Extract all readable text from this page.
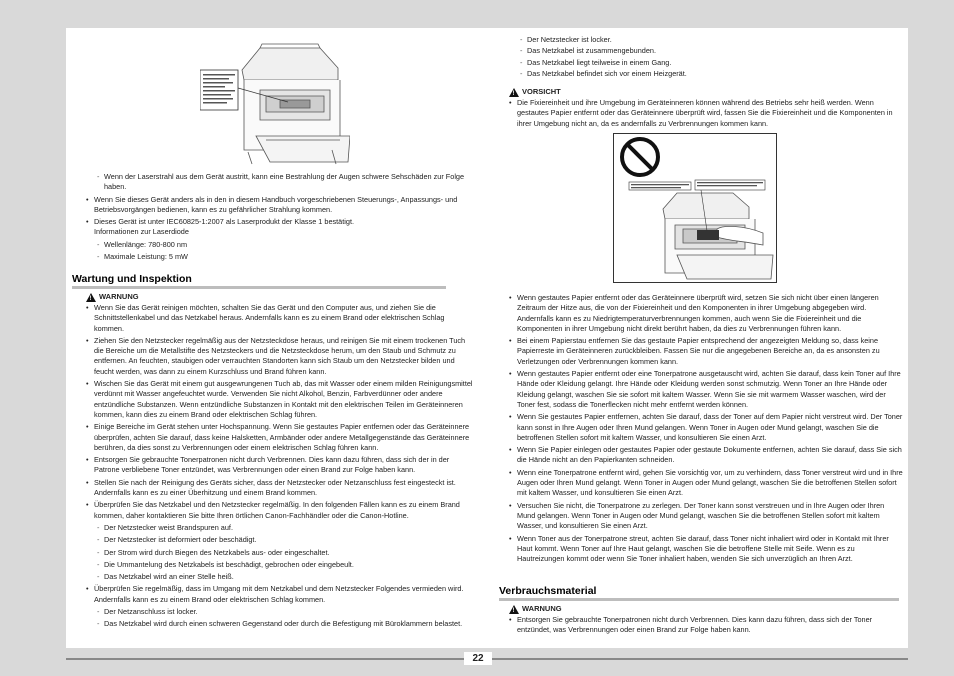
- Wenn der Laserstrahl aus dem Gerät austritt, kann eine Bestrahlung der Augen schwere Sehschäden zur Folge haben.
• Wenn Sie dieses Gerät anders als in den in diesem Handbuch vorgeschriebenen Steuerungs-, Anpassungs- und Betriebsvorgängen bedienen, kann es zu gefährlicher Strahlung kommen.
• Dieses Gerät ist unter IEC60825-1:2007 als Laserprodukt der Klasse 1 bestätigt.
Informationen zur Laserdiode
- Wellenlänge: 780-800 nm
- Maximale Leistung: 5 mW
Wartung und Inspektion
!
WARNUNG
• Wenn Sie das Gerät reinigen möchten, schalten Sie das Gerät und den Computer aus, und ziehen Sie die Schnittstellenkabel und das Netzkabel heraus. Andernfalls kann es zu einem Brand oder elektrischen Schlag kommen.
• Ziehen Sie den Netzstecker regelmäßig aus der Netzsteckdose heraus, und reinigen Sie mit einem trockenen Tuch die Bereiche um die Metallstifte des Netzsteckers und die Netzsteckdose herum, um den Staub und Schmutz zu entfernen. An feuchten, staubigen oder verrauchten Standorten kann sich Staub um den Netzstecker bilden und feucht werden, was dann zu einem Kurzschluss und Brand führen kann.
• Wischen Sie das Gerät mit einem gut ausgewrungenen Tuch ab, das mit Wasser oder einem milden Reinigungsmittel verdünnt mit Wasser angefeuchtet wurde. Verwenden Sie nicht Alkohol, Benzin, Farbverdünner oder andere entzündliche Substanzen. Wenn entzündliche Substanzen in Kontakt mit den elektrischen Teilen im Geräteinneren kommen, kann dies zu einem Brand oder elektrischen Schlag führen.
• Einige Bereiche im Gerät stehen unter Hochspannung. Wenn Sie gestautes Papier entfernen oder das Geräteinnere überprüfen, achten Sie darauf, dass keine Halsketten, Armbänder oder andere Metallgegenstände das Geräteinnere berühren, da dies sonst zu Verbrennungen oder einem elektrischen Schlag führen kann.
• Entsorgen Sie gebrauchte Tonerpatronen nicht durch Verbrennen. Dies kann dazu führen, dass sich der in der Patrone verbliebene Toner entzündet, was Verbrennungen oder einen Brand zur Folge haben kann.
• Stellen Sie nach der Reinigung des Geräts sicher, dass der Netzstecker oder Netzanschluss fest eingesteckt ist. Andernfalls kann es zu einer Überhitzung und einem Brand kommen.
• Überprüfen Sie das Netzkabel und den Netzstecker regelmäßig. In den folgenden Fällen kann es zu einem Brand kommen, daher kontaktieren Sie bitte Ihren örtlichen Canon-Fachhändler oder die Canon-Hotline.
- Der Netzstecker weist Brandspuren auf.
- Der Netzstecker ist deformiert oder beschädigt.
- Der Strom wird durch Biegen des Netzkabels aus- oder eingeschaltet.
- Die Ummantelung des Netzkabels ist beschädigt, gebrochen oder eingebeult.
- Das Netzkabel wird an einer Stelle heiß.
• Überprüfen Sie regelmäßig, dass im Umgang mit dem Netzkabel und dem Netzstecker Folgendes vermieden wird. Andernfalls kann es zu einem Brand oder elektrischen Schlag kommen.
- Der Netzanschluss ist locker.
- Das Netzkabel wird durch einen schweren Gegenstand oder durch die Befestigung mit Büroklammern belastet.
- Der Netzstecker ist locker.
- Das Netzkabel ist zusammengebunden.
- Das Netzkabel liegt teilweise in einem Gang.
- Das Netzkabel befindet sich vor einem Heizgerät.
!
VORSICHT
• Die Fixiereinheit und ihre Umgebung im Geräteinneren können während des Betriebs sehr heiß werden. Wenn gestautes Papier entfernt oder das Geräteinnere überprüft wird, fassen Sie die Fixiereinheit und die Komponenten in ihrer Umgebung nicht an, da es andernfalls zu Verbrennungen kommen kann.
• Wenn gestautes Papier entfernt oder das Geräteinnere überprüft wird, setzen Sie sich nicht über einen längeren Zeitraum der Hitze aus, die von der Fixiereinheit und den Komponenten in ihrer Umgebung abgegeben wird. Andernfalls kann es zu Niedrigtemperaturverbrennungen kommen, auch wenn Sie die Fixiereinheit und die Komponenten in ihrer Umgebung nicht direkt berührt haben, da dies zu Verbrennungen führen kann.
• Bei einem Papierstau entfernen Sie das gestaute Papier entsprechend der angezeigten Meldung so, dass keine Papierreste im Geräteinneren zurückbleiben. Fassen Sie nur die angegebenen Bereiche an, da es ansonsten zu Verletzungen oder Verbrennungen kommen kann.
• Wenn gestautes Papier entfernt oder eine Tonerpatrone ausgetauscht wird, achten Sie darauf, dass kein Toner auf Ihre Hände oder Kleidung gelangt. Ihre Hände oder Kleidung werden sonst schmutzig. Wenn Toner an Ihre Hände oder Kleidung gelangt, waschen Sie sie sofort mit kaltem Wasser. Wenn Sie sie mit warmem Wasser waschen, wird der Toner fest, sodass die Tonerflecken nicht mehr entfernt werden können.
• Wenn Sie gestautes Papier entfernen, achten Sie darauf, dass der Toner auf dem Papier nicht verstreut wird. Der Toner kann sonst in Ihre Augen oder Ihren Mund gelangen. Wenn Toner in Augen oder Mund gelangt, waschen Sie die betroffenen Stellen sofort mit kaltem Wasser, und konsultieren Sie einen Arzt.
• Wenn Sie Papier einlegen oder gestautes Papier oder gestaute Dokumente entfernen, achten Sie darauf, dass Sie sich die Hände nicht an den Papierkanten schneiden.
• Wenn eine Tonerpatrone entfernt wird, gehen Sie vorsichtig vor, um zu verhindern, dass Toner verstreut wird und in Ihre Augen oder Ihren Mund gelangt. Wenn Toner in Augen oder Mund gelangt, waschen Sie die betroffenen Stellen sofort mit kaltem Wasser, und konsultieren Sie einen Arzt.
• Versuchen Sie nicht, die Tonerpatrone zu zerlegen. Der Toner kann sonst verstreuen und in Ihre Augen oder Ihren Mund gelangen. Wenn Toner in Augen oder Mund gelangt, waschen Sie die betroffenen Stellen sofort mit kaltem Wasser, und konsultieren Sie einen Arzt.
• Wenn Toner aus der Tonerpatrone streut, achten Sie darauf, dass Toner nicht inhaliert wird oder in Kontakt mit Ihrer Haut kommt. Wenn Toner auf Ihre Haut gelangt, waschen Sie die betroffene Stelle mit Seife. Wenn es zu Hautreizungen kommt oder wenn Sie Toner inhaliert haben, wenden Sie sich unverzüglich an Ihren Arzt.
Verbrauchsmaterial
!
WARNUNG
• Entsorgen Sie gebrauchte Tonerpatronen nicht durch Verbrennen. Dies kann dazu führen, dass sich der Toner entzündet, was Verbrennungen oder einen Brand zur Folge haben kann.
22
